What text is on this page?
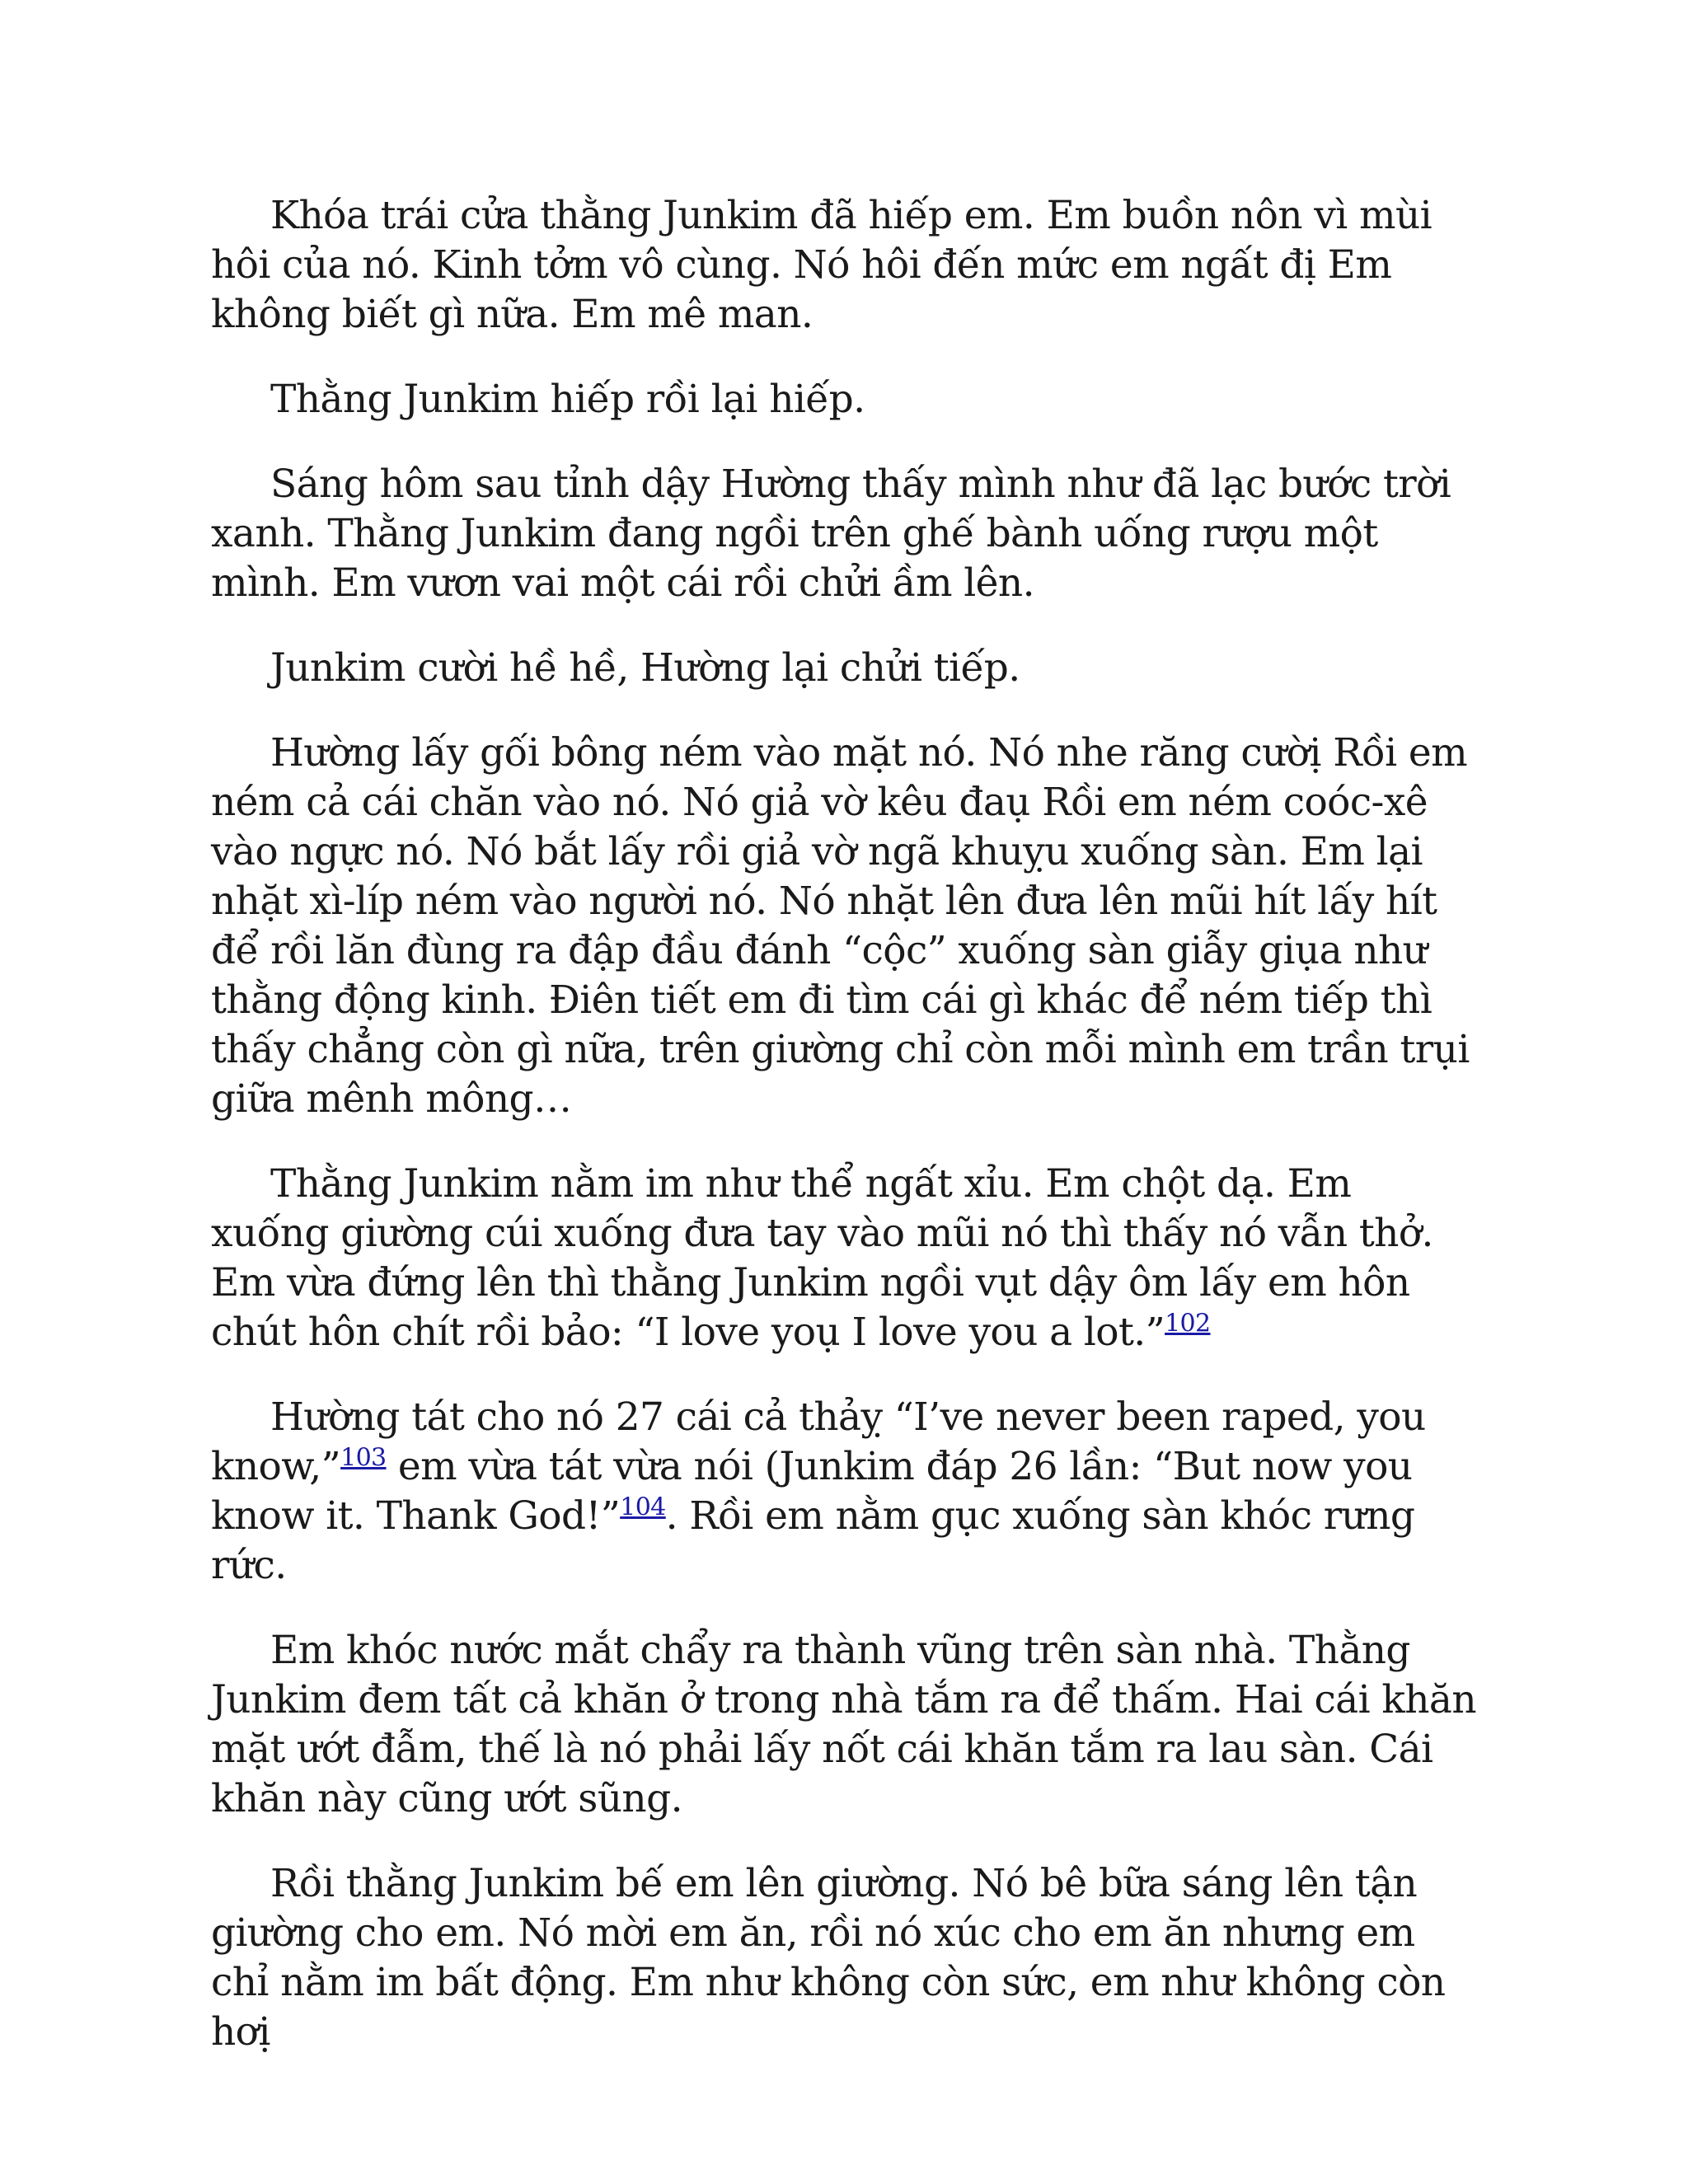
Khóa trái cửa thằng Junkim đã hiếp em. Em buồn nôn vì mùi hôi của nó. Kinh tởm vô cùng. Nó hôi đến mức em ngất đị Em không biết gì nữa. Em mê man.

Thằng Junkim hiếp rồi lại hiếp.

Sáng hôm sau tỉnh dậy Hường thấy mình như đã lạc bước trời xanh. Thằng Junkim đang ngồi trên ghế bành uống rượu một mình. Em vươn vai một cái rồi chửi ầm lên.

Junkim cười hề hề, Hường lại chửi tiếp.

Hường lấy gối bông ném vào mặt nó. Nó nhe răng cườị Rồi em ném cả cái chăn vào nó. Nó giả vờ kêu đaụ Rồi em ném coóc-xê vào ngực nó. Nó bắt lấy rồi giả vờ ngã khuỵu xuống sàn. Em lại nhặt xì-líp ném vào người nó. Nó nhặt lên đưa lên mũi hít lấy hít để rồi lăn đùng ra đập đầu đánh “cộc” xuống sàn giẫy giụa như thằng động kinh. Điên tiết em đi tìm cái gì khác để ném tiếp thì thấy chẳng còn gì nữa, trên giường chỉ còn mỗi mình em trần trụi giữa mênh mông…

Thằng Junkim nằm im như thể ngất xỉu. Em chột dạ. Em xuống giường cúi xuống đưa tay vào mũi nó thì thấy nó vẫn thở. Em vừa đứng lên thì thằng Junkim ngồi vụt dậy ôm lấy em hôn chút hôn chít rồi bảo: “I love yoụ I love you a lot.”$^{102}$

Hường tát cho nó 27 cái cả thảỵ “I’ve never been raped, you know,”$^{103}$ em vừa tát vừa nói (Junkim đáp 26 lần: “But now you know it. Thank God!”$^{104}$. Rồi em nằm gục xuống sàn khóc rưng rức.

Em khóc nước mắt chẩy ra thành vũng trên sàn nhà. Thằng Junkim đem tất cả khăn ở trong nhà tắm ra để thấm. Hai cái khăn mặt ướt đẫm, thế là nó phải lấy nốt cái khăn tắm ra lau sàn. Cái khăn này cũng ướt sũng.

Rồi thằng Junkim bế em lên giường. Nó bê bữa sáng lên tận giường cho em. Nó mời em ăn, rồi nó xúc cho em ăn nhưng em chỉ nằm im bất động. Em như không còn sức, em như không còn hơị
